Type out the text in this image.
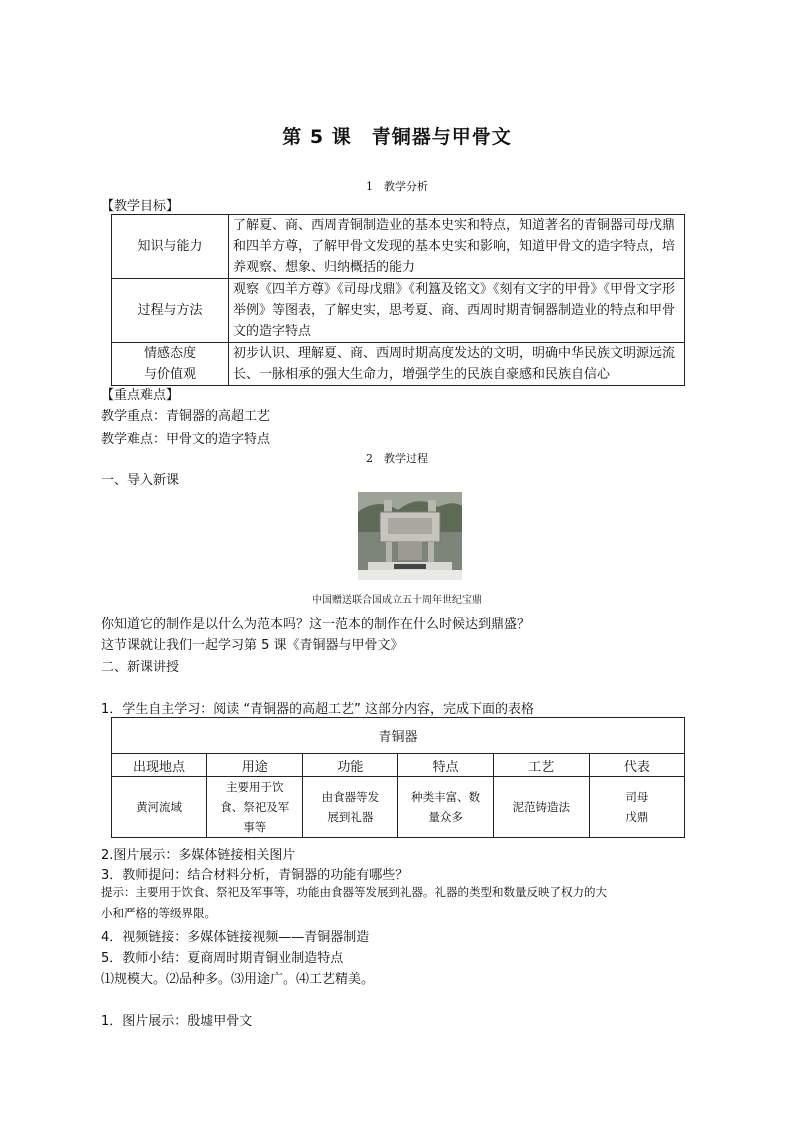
第 5 课　青铜器与甲骨文
1　教学分析
【教学目标】
知识与能力	了解夏、商、西周青铜制造业的基本史实和特点，知道著名的青铜器司母戊鼎和四羊方尊，了解甲骨文发现的基本史实和影响，知道甲骨文的造字特点，培养观察、想象、归纳概括的能力
过程与方法	观察《四羊方尊》《司母戊鼎》《利簋及铭文》《刻有文字的甲骨》《甲骨文字形举例》等图表，了解史实，思考夏、商、西周时期青铜器制造业的特点和甲骨文的造字特点
情感态度
与价值观	初步认识、理解夏、商、西周时期高度发达的文明，明确中华民族文明源远流长、一脉相承的强大生命力，增强学生的民族自豪感和民族自信心
【重点难点】
教学重点：青铜器的高超工艺
教学难点：甲骨文的造字特点
2　教学过程
一、导入新课
中国赠送联合国成立五十周年世纪宝鼎
你知道它的制作是以什么为范本吗？这一范本的制作在什么时候达到鼎盛？
这节课就让我们一起学习第 5 课《青铜器与甲骨文》
二、新课讲授
1．学生自主学习：阅读 “青铜器的高超工艺” 这部分内容，完成下面的表格
青铜器					
出现地点	用途	功能	特点	工艺	代表
黄河流域	主要用于饮
食、祭祀及军
事等	由食器等发
展到礼器	种类丰富、数
量众多	泥范铸造法	司母
戊鼎
2.图片展示：多媒体链接相关图片
3．教师提问：结合材料分析，青铜器的功能有哪些？
提示：主要用于饮食、祭祀及军事等，功能由食器等发展到礼器。礼器的类型和数量反映了权力的大
小和严格的等级界限。
4．视频链接：多媒体链接视频——青铜器制造
5．教师小结：夏商周时期青铜业制造特点
⑴规模大。⑵品种多。⑶用途广。⑷工艺精美。
1．图片展示：殷墟甲骨文
